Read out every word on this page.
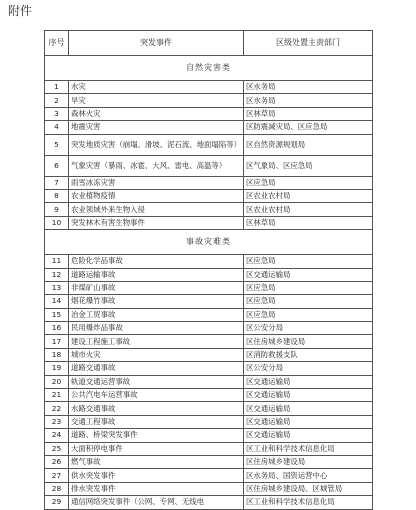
附件
序号	突发事件	区级处置主责部门
自然灾害类		
1	水灾	区水务局
2	旱灾	区水务局
3	森林火灾	区林草局
4	地震灾害	区防震减灾局、区应急局
5	突发地质灾害（崩塌、滑坡、泥石流、地面塌陷等）	区自然资源规划局
6	气象灾害（暴雨、冰雹、大风、雷电、高温等）	区气象局、区应急局
7	雨雪冰冻灾害	区应急局
8	农业植物疫情	区农业农村局
9	农业领域外来生物入侵	区农业农村局
10	突发林木有害生物事件	区林草局
事故灾难类		
11	危险化学品事故	区应急局
12	道路运输事故	区交通运输局
13	非煤矿山事故	区应急局
14	烟花爆竹事故	区应急局
15	冶金工贸事故	区应急局
16	民用爆炸品事故	区公安分局
17	建设工程施工事故	区住房城乡建设局
18	城市火灾	区消防救援支队
19	道路交通事故	区公安分局
20	轨道交通运营事故	区交通运输局
21	公共汽电车运营事故	区交通运输局
22	水路交通事故	区交通运输局
23	交通工程事故	区交通运输局
24	道路、桥梁突发事件	区交通运输局
25	大面积停电事件	区工业和科学技术信息化局
26	燃气事故	区住房城乡建设局
27	供水突发事件	区水务局、国资运营中心
28	排水突发事件	区住房城乡建设局、区城管局
29	通信网络突发事件（公网、专网、无线电	区工业和科学技术信息化局
